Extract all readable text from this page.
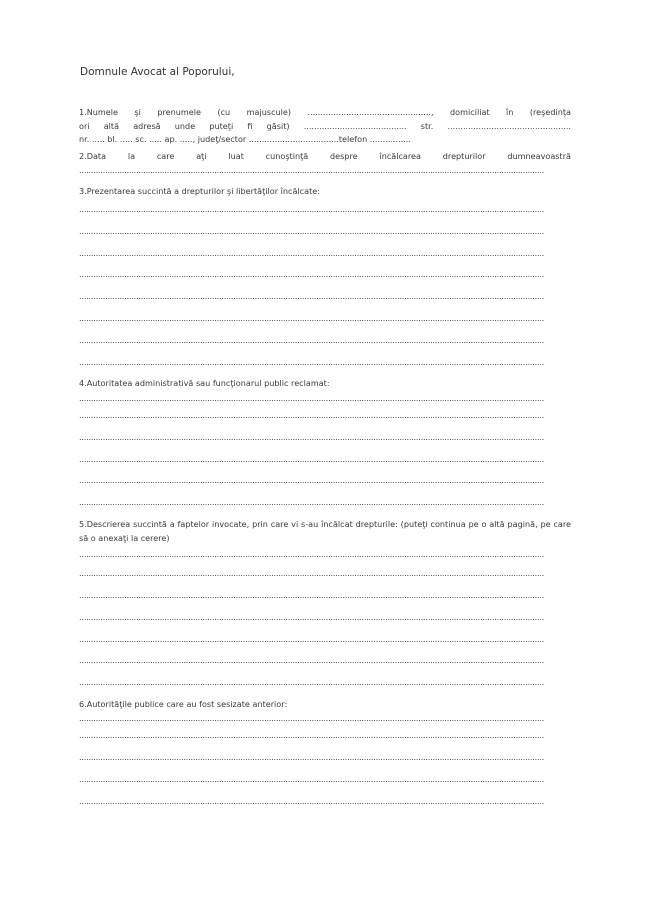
Domnule Avocat al Poporului,

1.Numele şi prenumele (cu majuscule) ................................................, domiciliat în (reşedinţa

ori altă adresă unde puteţi fi găsit) ........................................ str. ................................................

nr. ..... bl. ..... sc. ..... ap. ....., judeţ/sector ...................................telefon ................

2.Data la care aţi luat cunoştinţă despre încălcarea drepturilor dumneavoastră

....................................................................................................................................................................................................

3.Prezentarea succintă a drepturilor şi libertăţilor încălcate:

....................................................................................................................................................................................................

....................................................................................................................................................................................................

....................................................................................................................................................................................................

....................................................................................................................................................................................................

....................................................................................................................................................................................................

....................................................................................................................................................................................................

....................................................................................................................................................................................................

....................................................................................................................................................................................................

4.Autoritatea administrativă sau funcţionarul public reclamat:

....................................................................................................................................................................................................

....................................................................................................................................................................................................

....................................................................................................................................................................................................

....................................................................................................................................................................................................

....................................................................................................................................................................................................

....................................................................................................................................................................................................

5.Descrierea succintă a faptelor invocate, prin care vi s-au încălcat drepturile: (puteţi continua pe o altă pagină, pe care să o anexaţi la cerere)

....................................................................................................................................................................................................

....................................................................................................................................................................................................

....................................................................................................................................................................................................

....................................................................................................................................................................................................

....................................................................................................................................................................................................

....................................................................................................................................................................................................

....................................................................................................................................................................................................

6.Autorităţile publice care au fost sesizate anterior:

....................................................................................................................................................................................................

....................................................................................................................................................................................................

....................................................................................................................................................................................................

....................................................................................................................................................................................................

....................................................................................................................................................................................................
